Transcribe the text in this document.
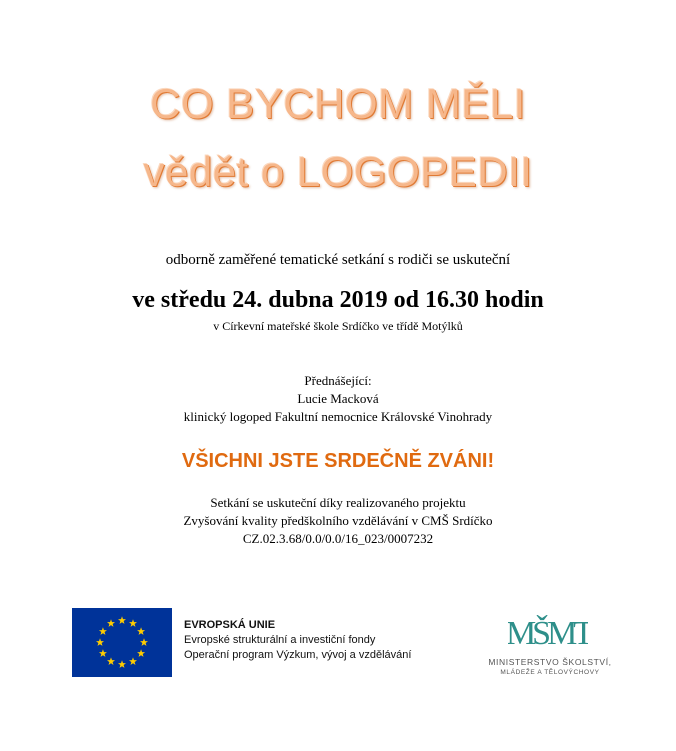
CO BYCHOM MĚLI
vědět o LOGOPEDII
odborně zaměřené tematické setkání s rodiči se uskuteční
ve středu 24. dubna 2019 od 16.30 hodin
v Církevní mateřské škole Srdíčko ve třídě Motýlků
Přednášející:
Lucie Macková
klinický logoped Fakultní nemocnice Královské Vinohrady
VŠICHNI JSTE SRDEČNĚ ZVÁNI!
Setkání se uskuteční díky realizovaného projektu
Zvyšování kvality předškolního vzdělávání v CMŠ Srdíčko
CZ.02.3.68/0.0/0.0/16_023/0007232
EVROPSKÁ UNIE
Evropské strukturální a investiční fondy
Operační program Výzkum, vývoj a vzdělávání
MŠMT
MINISTERSTVO ŠKOLSTVÍ,
MLÁDEŽE A TĚLOVÝCHOVY
